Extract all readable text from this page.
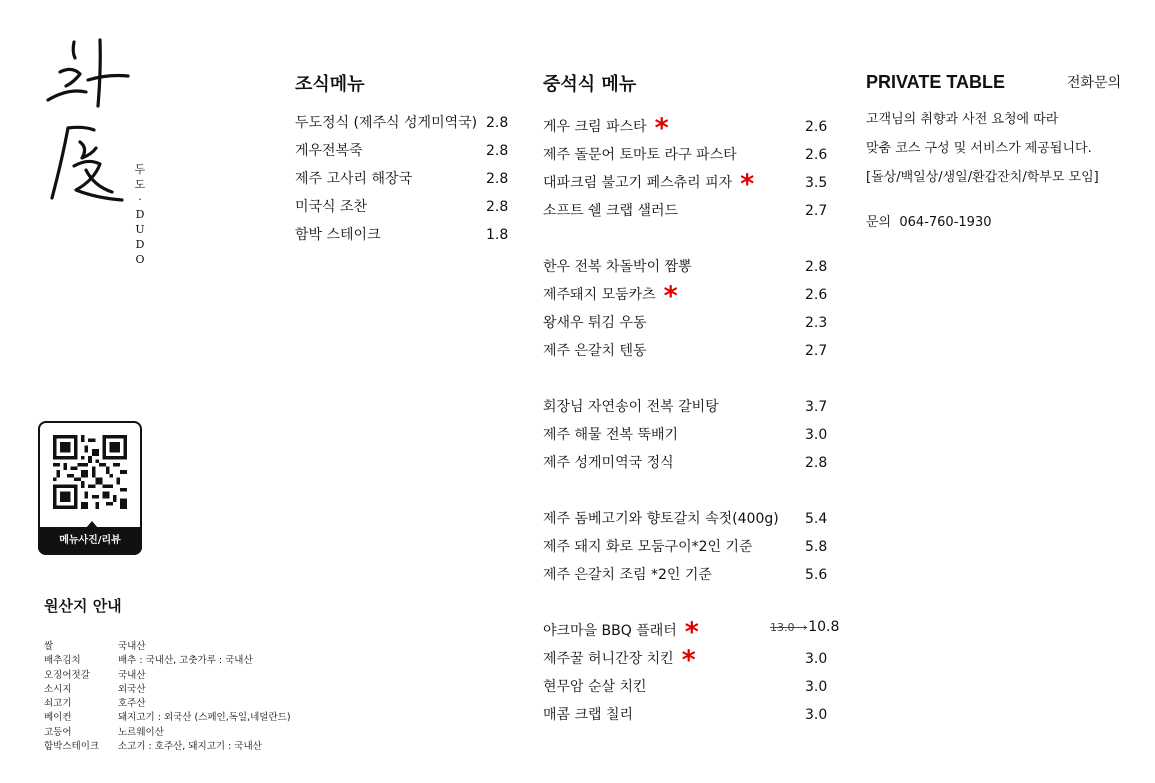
두
도
·
D
U
D
O
메뉴사진/리뷰
원산지 안내
쌀	국내산
배추김치	배추 : 국내산, 고춧가루 : 국내산
오징어젓갈	국내산
소시지	외국산
쇠고기	호주산
베이컨	돼지고기 : 외국산 (스페인,독일,네덜란드)
고등어	노르웨이산
함박스테이크	소고기 : 호주산, 돼지고기 : 국내산
조식메뉴
두도정식 (제주식 성게미역국) 2.8
게우전복죽	2.8
제주 고사리 해장국	2.8
미국식 조찬	2.8
함박 스테이크	1.8
중석식 메뉴
게우 크림 파스타 *	2.6
제주 돌문어 토마토 라구 파스타	2.6
대파크림 불고기 페스츄리 피자 *	3.5
소프트 쉘 크랩 샐러드	2.7
한우 전복 차돌박이 짬뽕	2.8
제주돼지 모둠카츠 *	2.6
왕새우 튀김 우동	2.3
제주 은갈치 텐동	2.7
회장님 자연송이 전복 갈비탕	3.7
제주 해물 전복 뚝배기	3.0
제주 성게미역국 정식	2.8
제주 돔베고기와 향토갈치 속젓(400g) 5.4
제주 돼지 화로 모둠구이*2인 기준	5.8
제주 은갈치 조림 *2인 기준	5.6
야크마을 BBQ 플래터 *	13.0 →10.8
제주꿀 허니간장 치킨 *	3.0
현무암 순살 치킨	3.0
매콤 크랩 칠리	3.0
PRIVATE TABLE	전화문의
고객님의 취향과 사전 요청에 따라
맞춤 코스 구성 및 서비스가 제공됩니다.
[돌상/백일상/생일/환갑잔치/학부모 모임]
문의 064-760-1930
